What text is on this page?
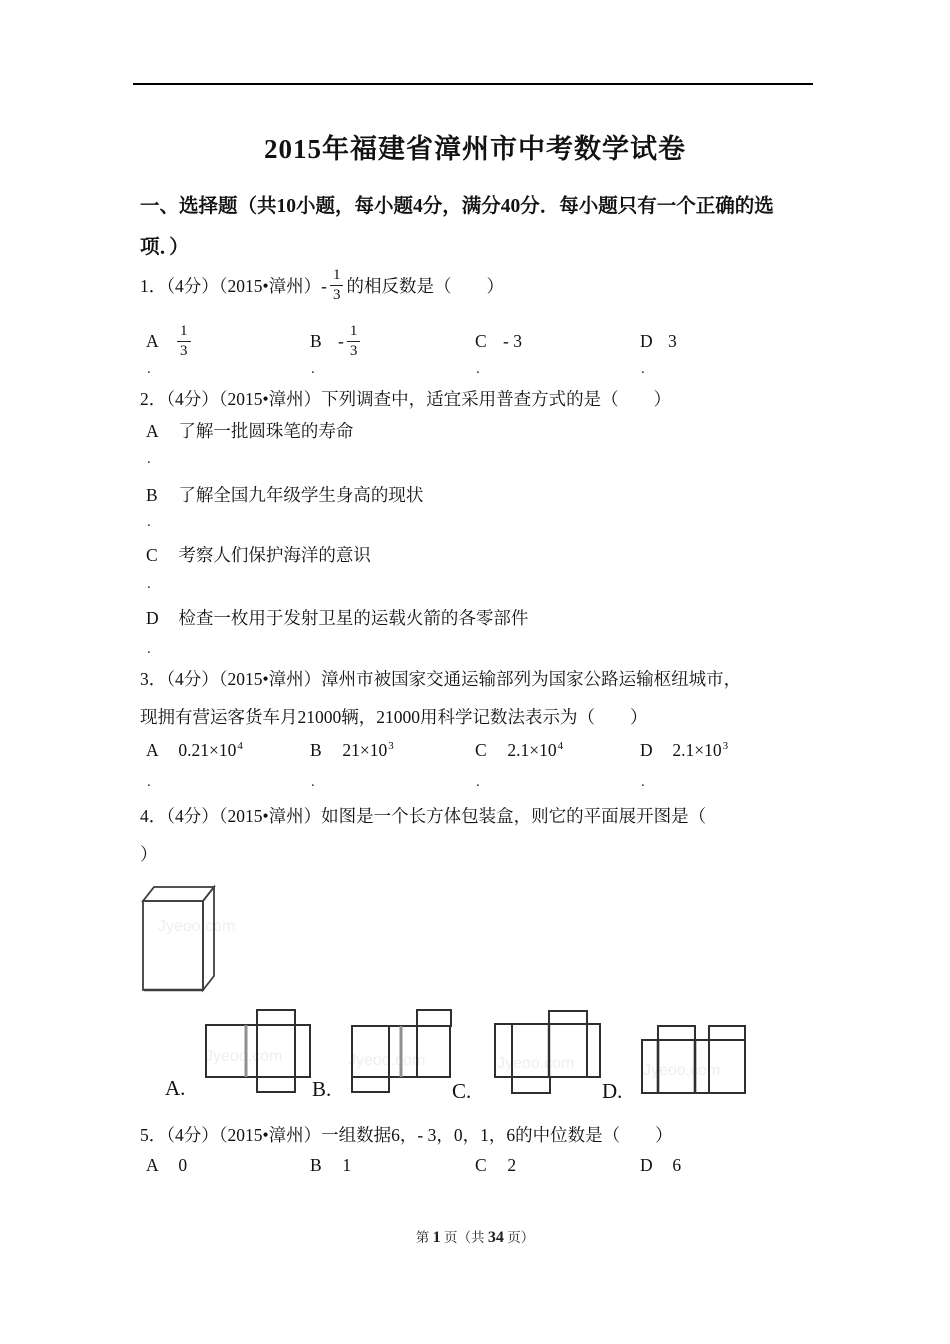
2015年福建省漳州市中考数学试卷
一、选择题（共10小题，每小题4分，满分40分．每小题只有一个正确的选
项．）
1．（4分）（2015•漳州）- $\frac{1}{3}$ 的相反数是（　　）
A	$\frac{1}{3}$	B - $\frac{1}{3}$	C - 3	D 3
.	.	.	.
2．（4分）（2015•漳州）下列调查中，适宜采用普查方式的是（　　）
A 了解一批圆珠笔的寿命
.
B 了解全国九年级学生身高的现状
.
C 考察人们保护海洋的意识
.
D 检查一枚用于发射卫星的运载火箭的各零部件
.
3．（4分）（2015•漳州）漳州市被国家交通运输部列为国家公路运输枢纽城市，
现拥有营运客货车月21000辆，21000用科学记数法表示为（　　）
A $0.21\times 10^4$	B $21\times 10^3$	C $2.1\times 10^4$	D $2.1\times 10^3$
.	.	.	.
4．（4分）（2015•漳州）如图是一个长方体包装盒，则它的平面展开图是（
）
Jyeoo.com
Jyeoo.com	Jyeoo.com	Jyeoo.com	Jyeoo.com
A.	B.	C.	D.
5．（4分）（2015•漳州）一组数据6，- 3，0，1，6的中位数是（　　）
A 0	B 1	C 2	D 6
第 1 页（共 34 页）
